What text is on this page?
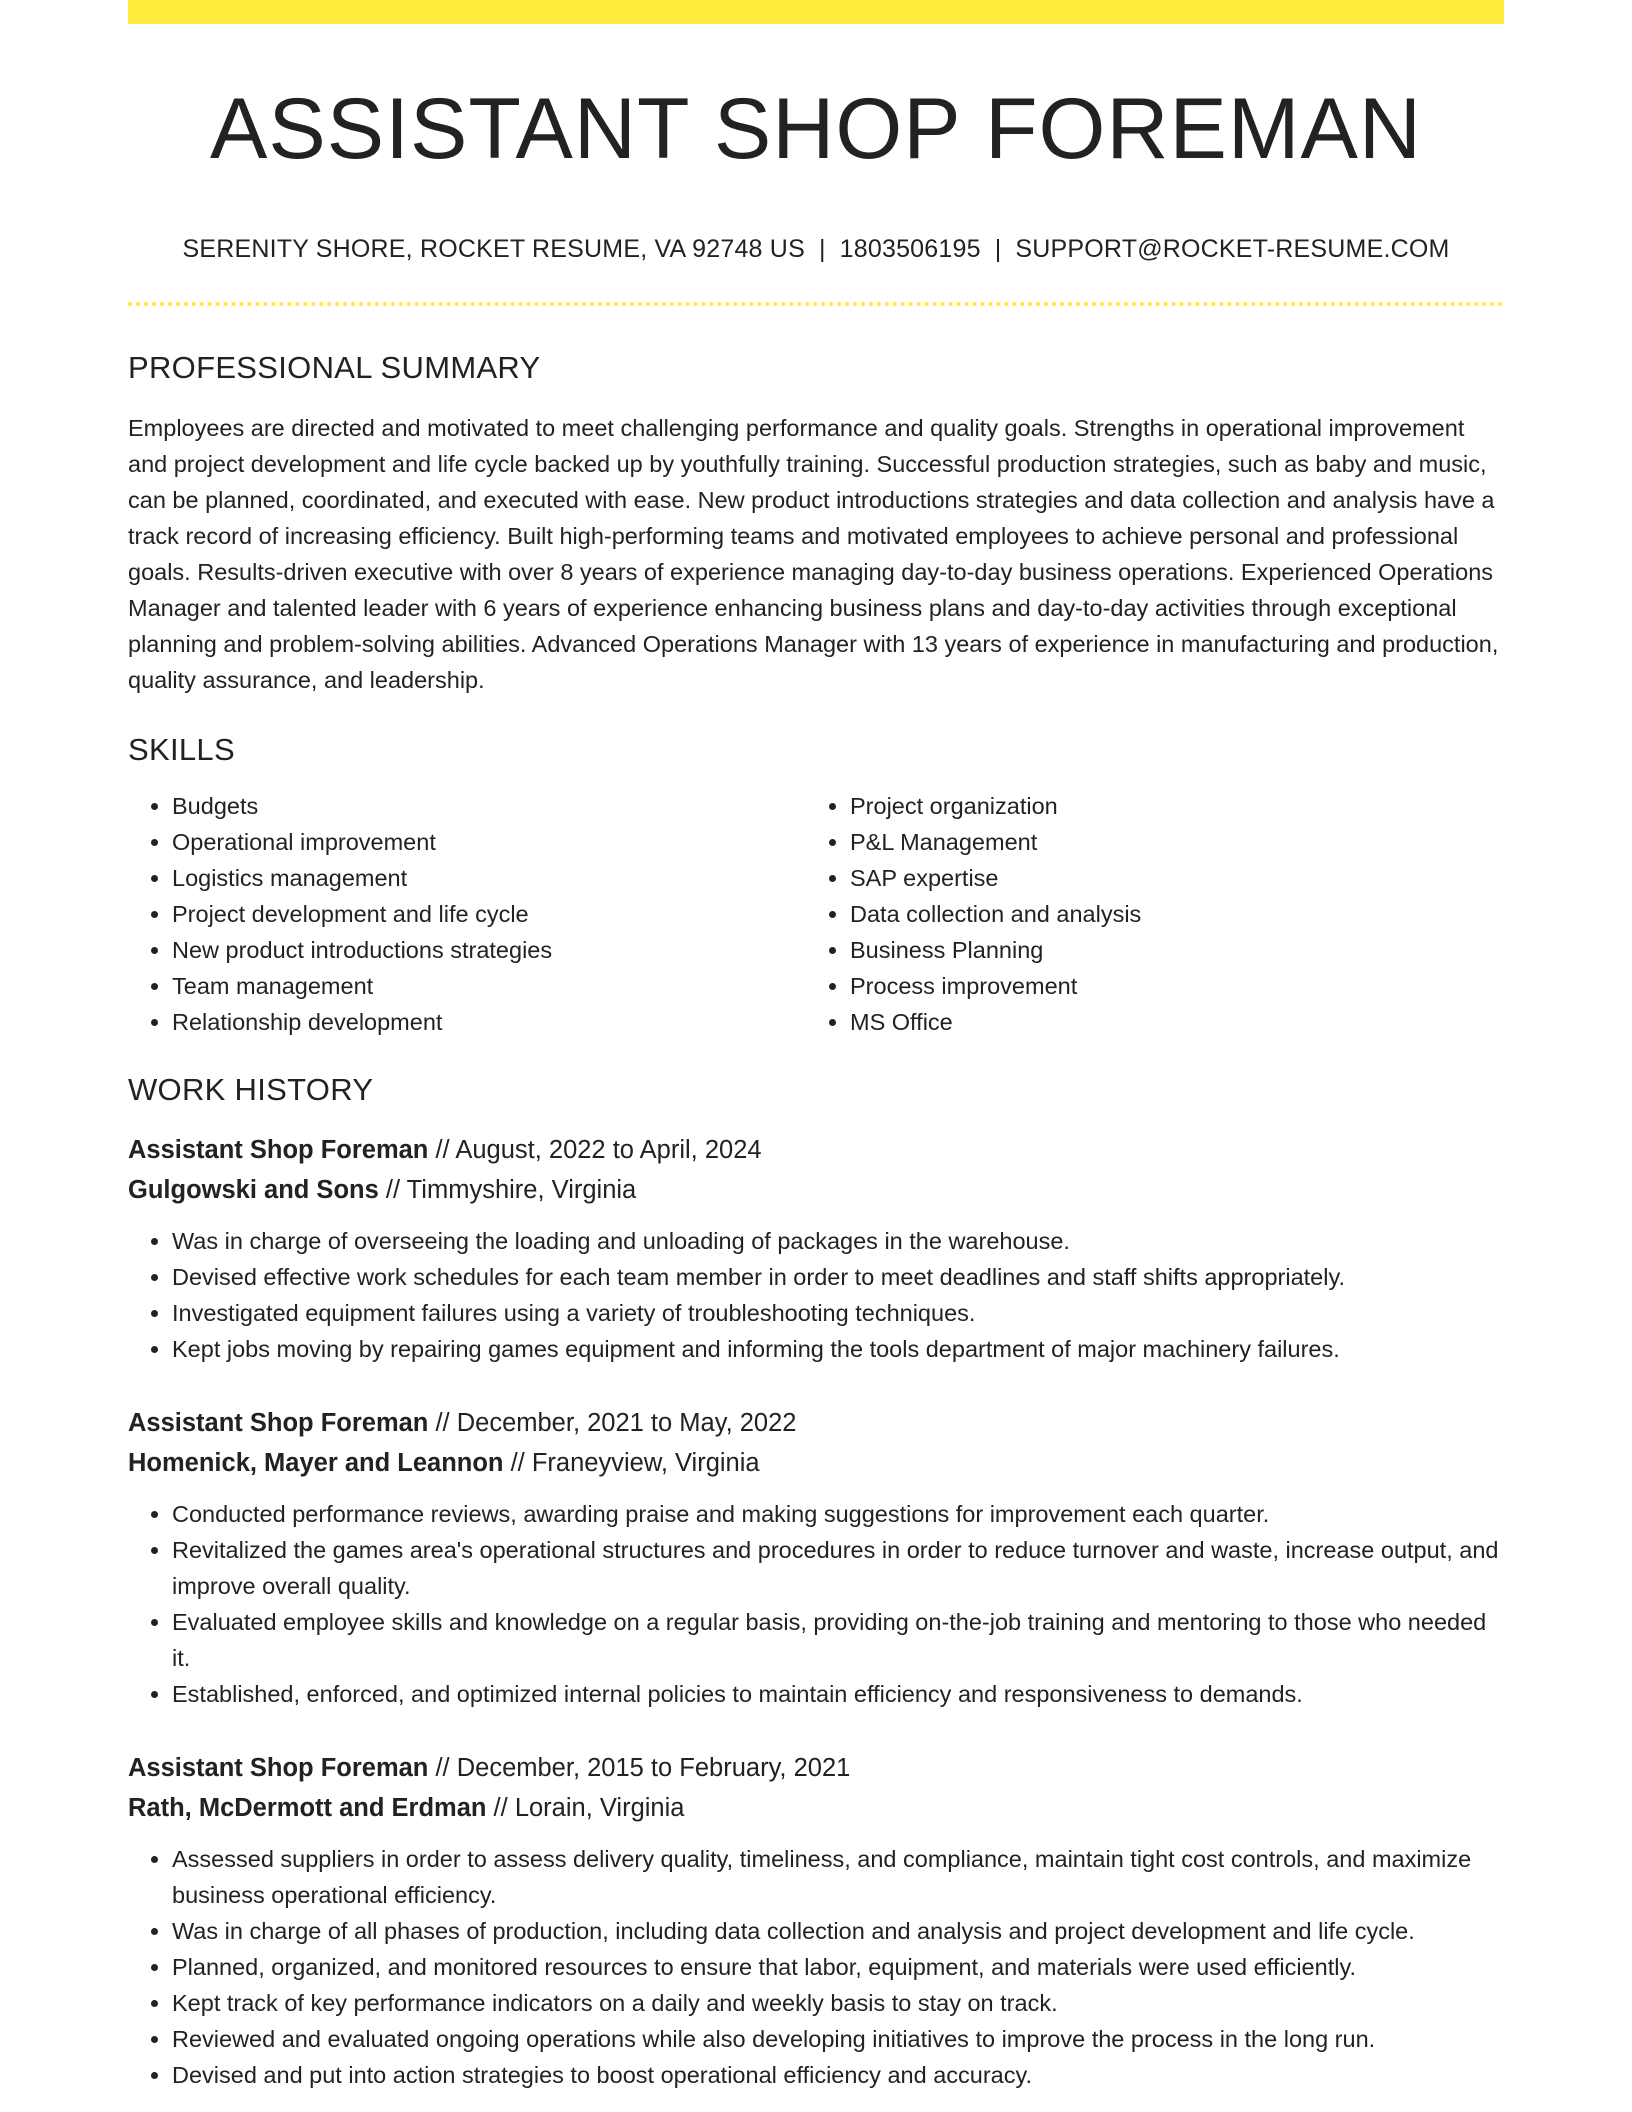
ASSISTANT SHOP FOREMAN
SERENITY SHORE, ROCKET RESUME, VA 92748 US | 1803506195 | SUPPORT@ROCKET-RESUME.COM
PROFESSIONAL SUMMARY

Employees are directed and motivated to meet challenging performance and quality goals. Strengths in operational improvement and project development and life cycle backed up by youthfully training. Successful production strategies, such as baby and music, can be planned, coordinated, and executed with ease. New product introductions strategies and data collection and analysis have a track record of increasing efficiency. Built high-performing teams and motivated employees to achieve personal and professional goals. Results-driven executive with over 8 years of experience managing day-to-day business operations. Experienced Operations Manager and talented leader with 6 years of experience enhancing business plans and day-to-day activities through exceptional planning and problem-solving abilities. Advanced Operations Manager with 13 years of experience in manufacturing and production, quality assurance, and leadership.

SKILLS
• Budgets
• Operational improvement
• Logistics management
• Project development and life cycle
• New product introductions strategies
• Team management
• Relationship development
• Project organization
• P&L Management
• SAP expertise
• Data collection and analysis
• Business Planning
• Process improvement
• MS Office
WORK HISTORY
Assistant Shop Foreman // August, 2022 to April, 2024
Gulgowski and Sons // Timmyshire, Virginia
• Was in charge of overseeing the loading and unloading of packages in the warehouse.
• Devised effective work schedules for each team member in order to meet deadlines and staff shifts appropriately.
• Investigated equipment failures using a variety of troubleshooting techniques.
• Kept jobs moving by repairing games equipment and informing the tools department of major machinery failures.
Assistant Shop Foreman // December, 2021 to May, 2022
Homenick, Mayer and Leannon // Franeyview, Virginia
• Conducted performance reviews, awarding praise and making suggestions for improvement each quarter.
• Revitalized the games area's operational structures and procedures in order to reduce turnover and waste, increase output, and improve overall quality.
• Evaluated employee skills and knowledge on a regular basis, providing on-the-job training and mentoring to those who needed it.
• Established, enforced, and optimized internal policies to maintain efficiency and responsiveness to demands.
Assistant Shop Foreman // December, 2015 to February, 2021
Rath, McDermott and Erdman // Lorain, Virginia
• Assessed suppliers in order to assess delivery quality, timeliness, and compliance, maintain tight cost controls, and maximize business operational efficiency.
• Was in charge of all phases of production, including data collection and analysis and project development and life cycle.
• Planned, organized, and monitored resources to ensure that labor, equipment, and materials were used efficiently.
• Kept track of key performance indicators on a daily and weekly basis to stay on track.
• Reviewed and evaluated ongoing operations while also developing initiatives to improve the process in the long run.
• Devised and put into action strategies to boost operational efficiency and accuracy.
